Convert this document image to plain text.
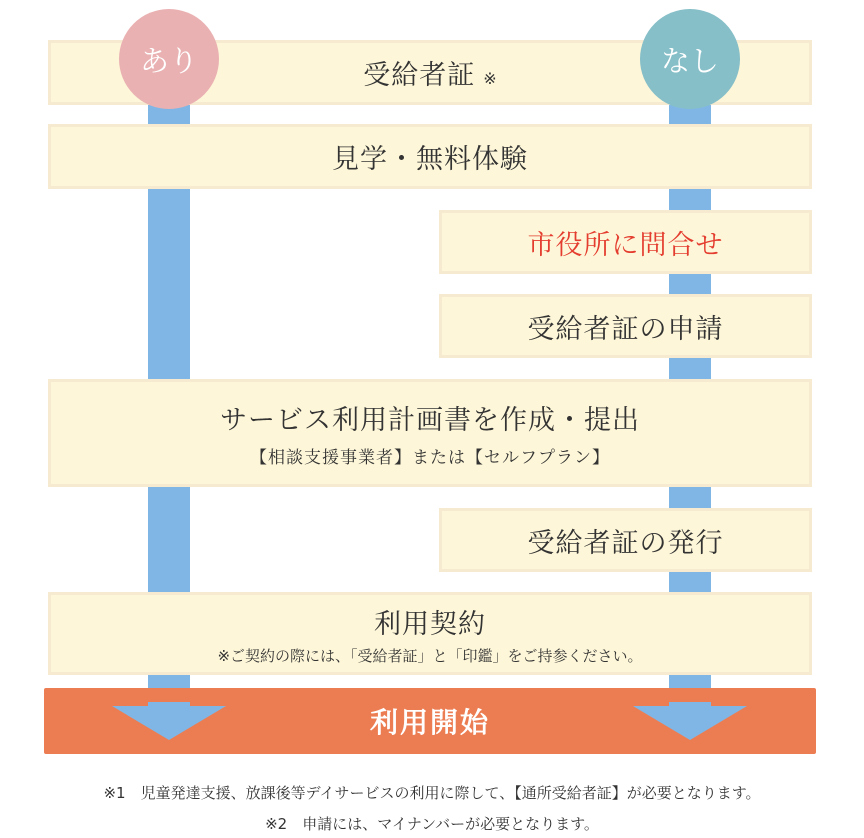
あり	なし
受給者証 ※
見学・無料体験
市役所に問合せ
受給者証の申請
サービス利用計画書を作成・提出
【相談支援事業者】または【セルフプラン】
受給者証の発行
利用契約
※ご契約の際には、「受給者証」と「印鑑」をご持参ください。
利用開始
※1　児童発達支援、放課後等デイサービスの利用に際して、【通所受給者証】が必要となります。
※2　申請には、マイナンバーが必要となります。
